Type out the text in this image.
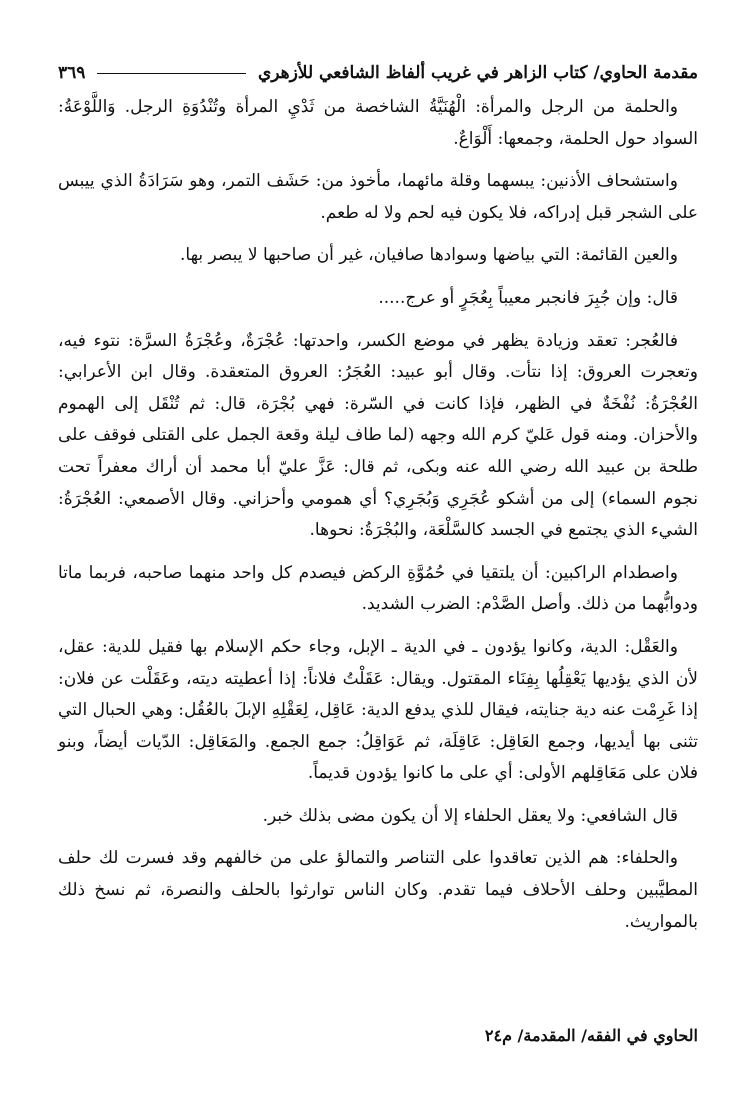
مقدمة الحاوي/ كتاب الزاهر في غريب ألفاظ الشافعي للأزهري
٣٦٩

والحلمة من الرجل والمرأة: الْهُنَيَّةُ الشاخصة من ثَدْيِ المرأة وتُنْدُوَةِ الرجل. وَاللَّوْعَةُ: السواد حول الحلمة، وجمعها: أَلْوَاعٌ.

واستشحاف الأذنين: يبسهما وقلة مائهما، مأخوذ من: حَشَف التمر، وهو سَرَادَةُ الذي ييبس على الشجر قبل إدراكه، فلا يكون فيه لحم ولا له طعم.

والعين القائمة: التي بياضها وسوادها صافيان، غير أن صاحبها لا يبصر بها.

قال: وإن جُبِرَ فانجبر معيباً بِعُجَرٍ أو عرج.....

فالعُجر: تعقد وزيادة يظهر في موضع الكسر، واحدتها: عُجْرَةٌ، وعُجْرَةُ السرَّة: نتوء فيه، وتعجرت العروق: إذا نتأت. وقال أبو عبيد: العُجَرُ: العروق المتعقدة. وقال ابن الأعرابي: العُجْرَةُ: نُفْخَةٌ في الظهر، فإذا كانت في السّرة: فهي بُجْرَة، قال: ثم تُنْقَل إلى الهموم والأحزان. ومنه قول عَليّ كرم الله وجهه (لما طاف ليلة وقعة الجمل على القتلى فوقف على طلحة بن عبيد الله رضي الله عنه وبكى، ثم قال: عَزَّ عليّ أبا محمد أن أراك معفراً تحت نجوم السماء) إلى من أشكو عُجَرِي وَبُجَرِي؟ أي همومي وأحزاني. وقال الأصمعي: العُجْرَةُ: الشيء الذي يجتمع في الجسد كالسَّلْعَة، والبُجْرَةُ: نحوها.

واصطدام الراكبين: أن يلتقيا في حُمُوَّةِ الركض فيصدم كل واحد منهما صاحبه، فربما ماتا ودوابُّهما من ذلك. وأصل الصَّدْم: الضرب الشديد.

والعَقْل: الدية، وكانوا يؤدون ـ في الدية ـ الإبل، وجاء حكم الإسلام بها فقيل للدية: عقل، لأن الذي يؤديها يَعْقِلُها بِفِنَاء المقتول. ويقال: عَقَلْتُ فلاناً: إذا أعطيته ديته، وعَقَلْت عن فلان: إذا غَرِمْت عنه دية جنايته، فيقال للذي يدفع الدية: عَاقِل، لِعَقْلِهِ الإبلَ بالعُقُل: وهي الحبال التي تثنى بها أيديها، وجمع العَاقِل: عَاقِلَة، ثم عَوَاقِلُ: جمع الجمع. والمَعَاقِل: الدّيات أيضاً، وبنو فلان على مَعَاقِلهم الأولى: أي على ما كانوا يؤدون قديماً.

قال الشافعي: ولا يعقل الحلفاء إلا أن يكون مضى بذلك خبر.

والحلفاء: هم الذين تعاقدوا على التناصر والتمالؤ على من خالفهم وقد فسرت لك حلف المطيَّبين وحلف الأحلاف فيما تقدم. وكان الناس توارثوا بالحلف والنصرة، ثم نسخ ذلك بالمواريث.

الحاوي في الفقه/ المقدمة/ م٢٤
